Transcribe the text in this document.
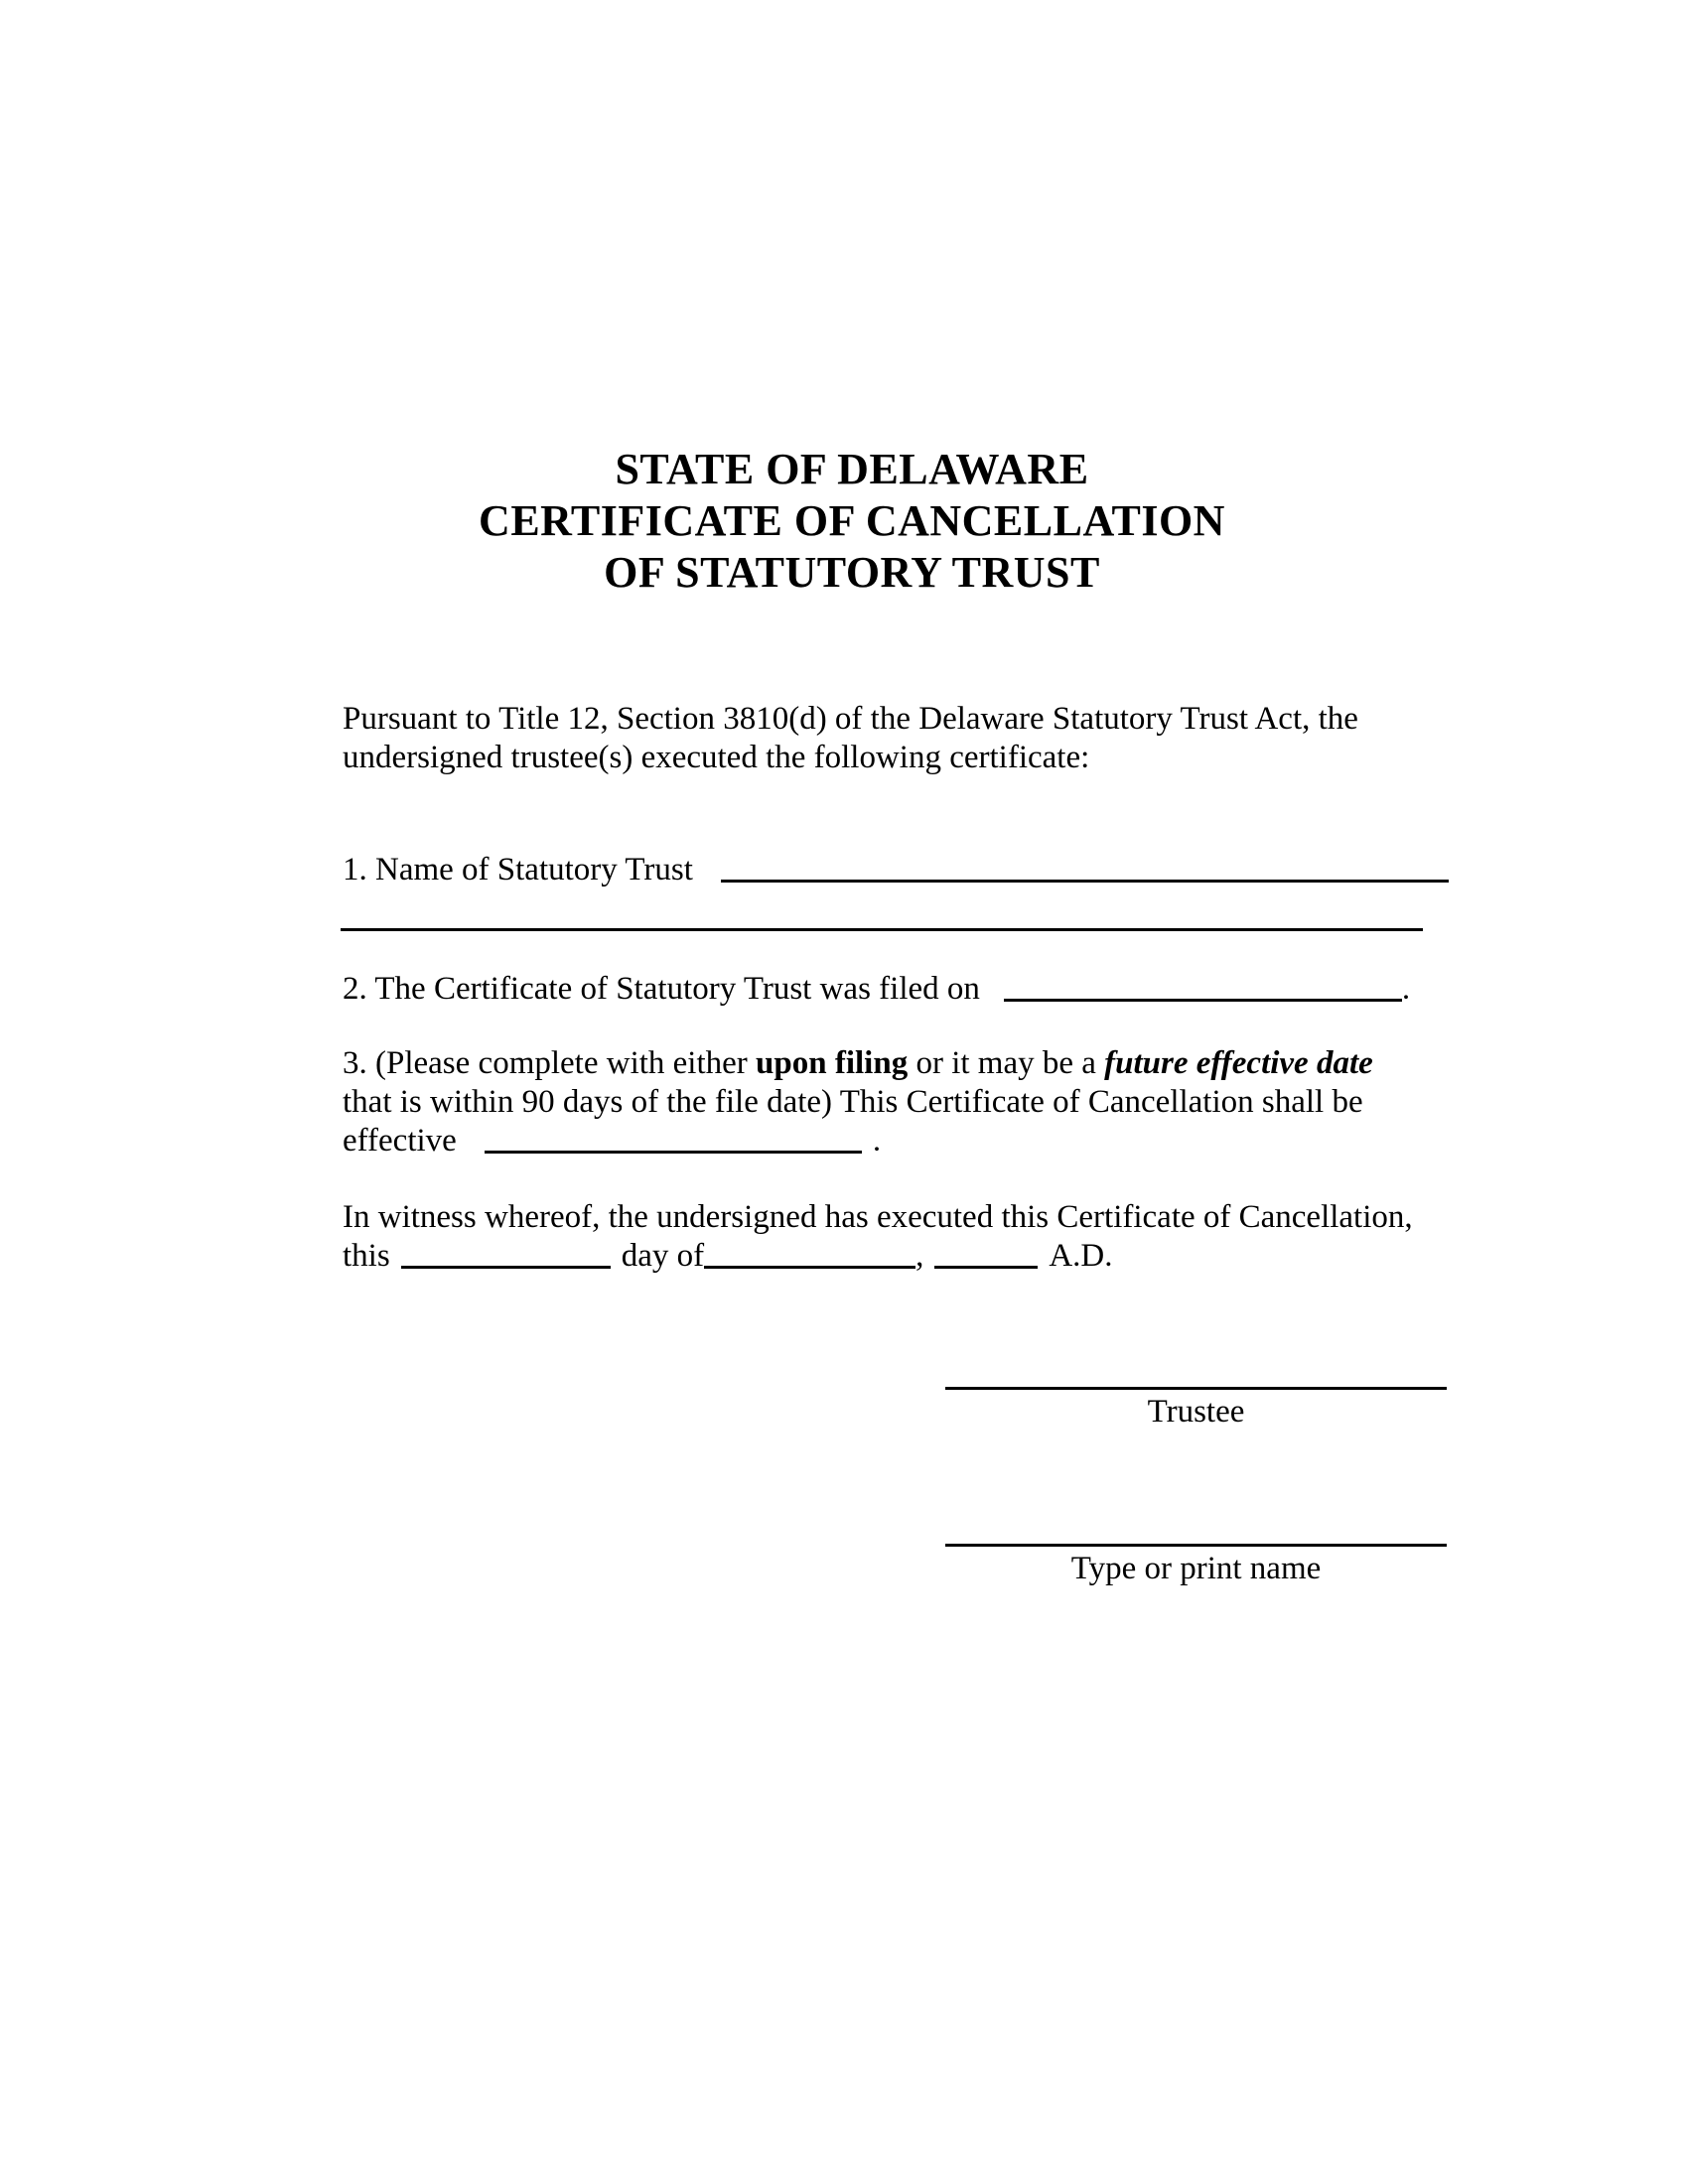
STATE OF DELAWARE
CERTIFICATE OF CANCELLATION
OF STATUTORY TRUST
Pursuant to Title 12, Section 3810(d) of the Delaware Statutory Trust Act, the
undersigned trustee(s) executed the following certificate:
1. Name of Statutory Trust
2. The Certificate of Statutory Trust was filed on	.
3. (Please complete with either upon filing or it may be a future effective date
that is within 90 days of the file date) This Certificate of Cancellation shall be
effective	.
In witness whereof, the undersigned has executed this Certificate of Cancellation,
this	day of	,	A.D.
Trustee
Type or print name
